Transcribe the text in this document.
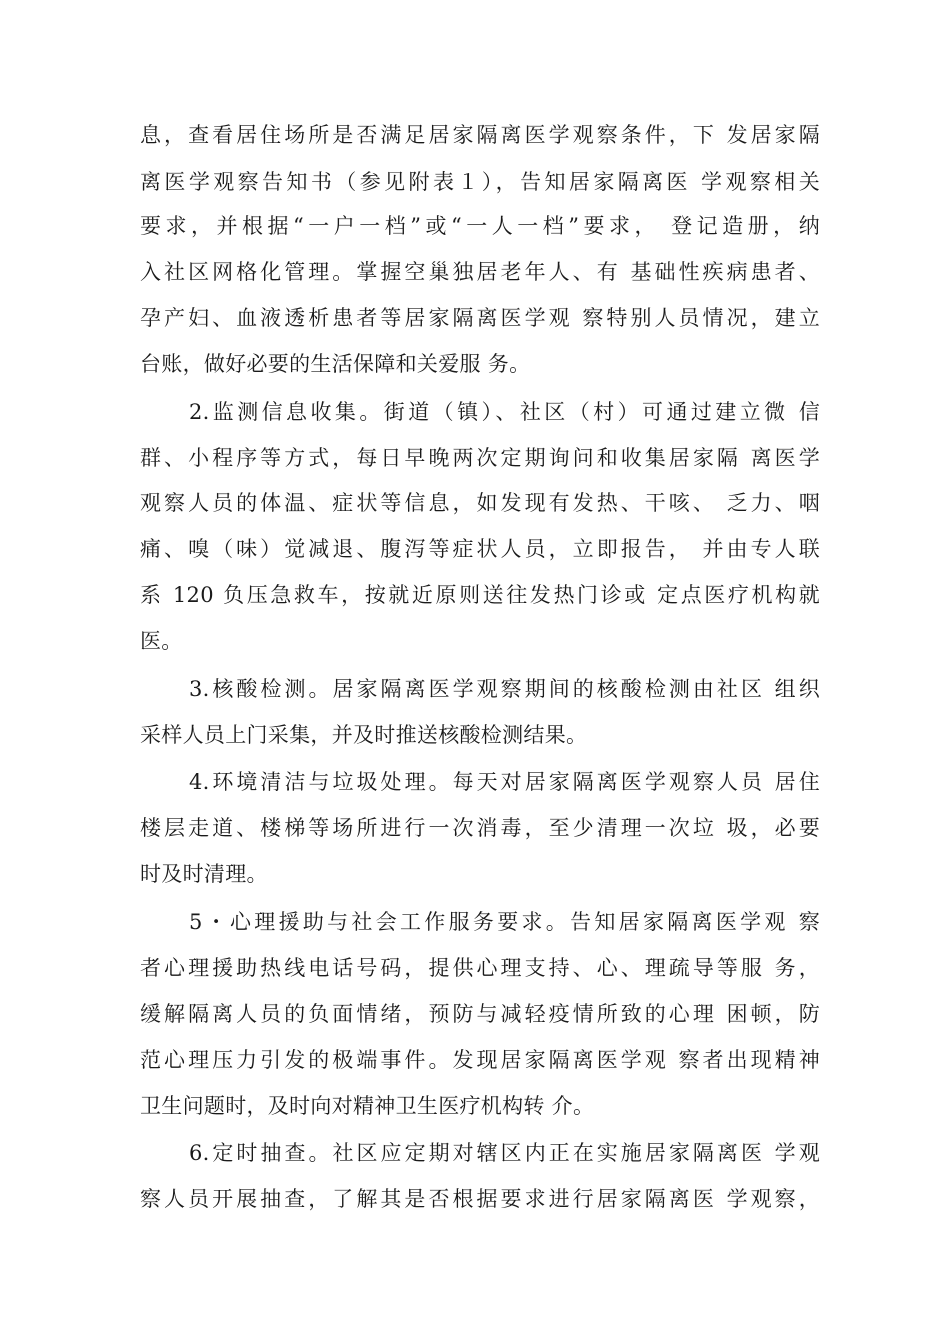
息，查看居住场所是否满足居家隔离医学观察条件，下 发居家隔
离医学观察告知书（参见附表１），告知居家隔离医 学观察相关
要求，并根据“一户一档”或“一人一档”要求， 登记造册，纳
入社区网格化管理。掌握空巢独居老年人、有 基础性疾病患者、
孕产妇、血液透析患者等居家隔离医学观 察特别人员情况，建立
台账，做好必要的生活保障和关爱服 务。
2.监测信息收集。街道（镇）、社区（村）可通过建立微 信
群、小程序等方式，每日早晚两次定期询问和收集居家隔 离医学
观察人员的体温、症状等信息，如发现有发热、干咳、 乏力、咽
痛、嗅（味）觉减退、腹泻等症状人员，立即报告， 并由专人联
系 120 负压急救车，按就近原则送往发热门诊或 定点医疗机构就
医。
3.核酸检测。居家隔离医学观察期间的核酸检测由社区 组织
采样人员上门采集，并及时推送核酸检测结果。
4.环境清洁与垃圾处理。每天对居家隔离医学观察人员 居住
楼层走道、楼梯等场所进行一次消毒，至少清理一次垃 圾，必要
时及时清理。
5・心理援助与社会工作服务要求。告知居家隔离医学观 察
者心理援助热线电话号码，提供心理支持、心、理疏导等服 务，
缓解隔离人员的负面情绪，预防与减轻疫情所致的心理 困顿，防
范心理压力引发的极端事件。发现居家隔离医学观 察者出现精神
卫生问题时，及时向对精神卫生医疗机构转 介。
6.定时抽查。社区应定期对辖区内正在实施居家隔离医 学观
察人员开展抽查，了解其是否根据要求进行居家隔离医 学观察，
